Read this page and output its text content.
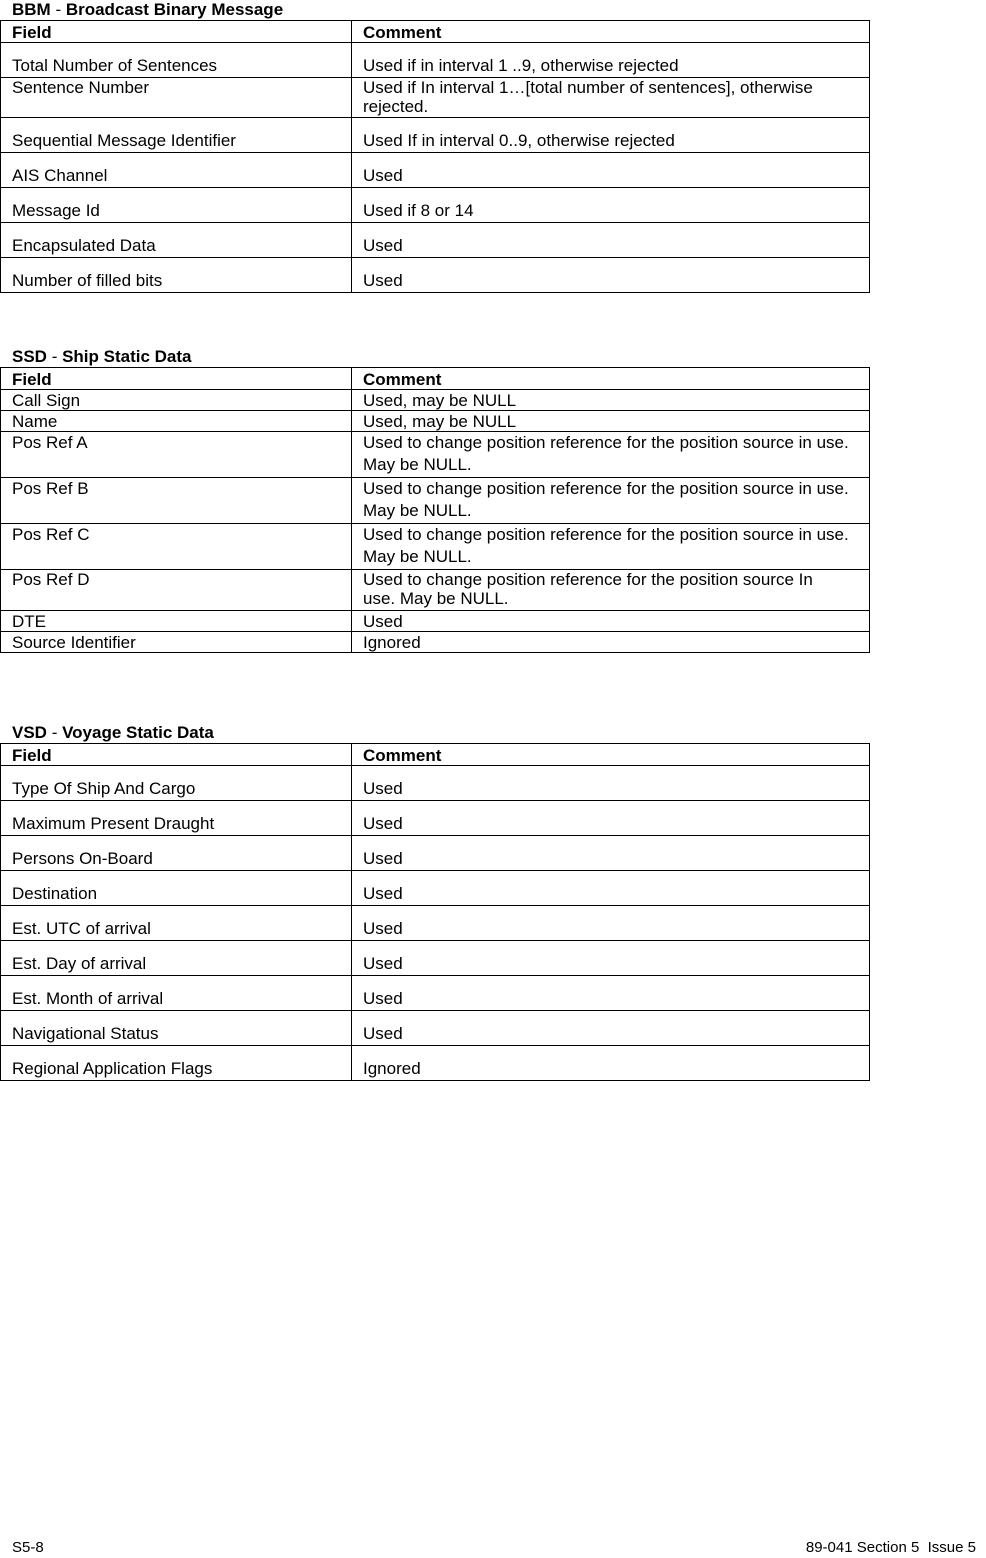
BBM - Broadcast Binary Message
Field	Comment
Total Number of Sentences	Used if in interval 1 ..9, otherwise rejected
Sentence Number	Used if In interval 1…[total number of sentences], otherwise rejected.
Sequential Message Identifier	Used If in interval 0..9, otherwise rejected
AIS Channel	Used
Message Id	Used if 8 or 14
Encapsulated Data	Used
Number of filled bits	Used
SSD - Ship Static Data
Field	Comment
Call Sign	Used, may be NULL
Name	Used, may be NULL
Pos Ref A	Used to change position reference for the position source in use. May be NULL.
Pos Ref B	Used to change position reference for the position source in use. May be NULL.
Pos Ref C	Used to change position reference for the position source in use. May be NULL.
Pos Ref D	Used to change position reference for the position source In use. May be NULL.
DTE	Used
Source Identifier	Ignored
VSD - Voyage Static Data
Field	Comment
Type Of Ship And Cargo	Used
Maximum Present Draught	Used
Persons On-Board	Used
Destination	Used
Est. UTC of arrival	Used
Est. Day of arrival	Used
Est. Month of arrival	Used
Navigational Status	Used
Regional Application Flags	Ignored
S5-8	89-041 Section 5  Issue 5
